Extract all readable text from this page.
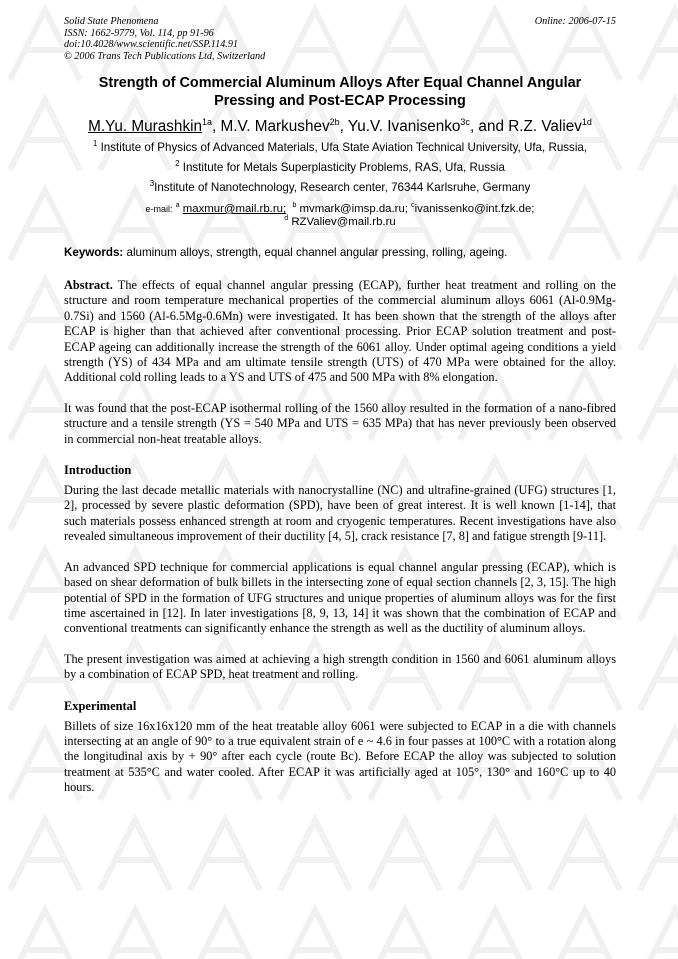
Solid State Phenomena
ISSN: 1662-9779, Vol. 114, pp 91-96
doi:10.4028/www.scientific.net/SSP.114.91
© 2006 Trans Tech Publications Ltd, Switzerland
Online: 2006-07-15
Strength of Commercial Aluminum Alloys After Equal Channel Angular
Pressing and Post-ECAP Processing
M.Yu. Murashkin$^{1a}$, M.V. Markushev$^{2b}$, Yu.V. Ivanisenko$^{3c}$, and R.Z. Valiev$^{1d}$
$^1$ Institute of Physics of Advanced Materials, Ufa State Aviation Technical University, Ufa, Russia,
$^2$ Institute for Metals Superplasticity Problems, RAS, Ufa, Russia
$^3$Institute of Nanotechnology, Research center, 76344 Karlsruhe, Germany
e-mail: $^a$ maxmur@mail.rb.ru; $^b$ mvmark@imsp.da.ru; $^c$ivanissenko@int.fzk.de;
$^d$ RZValiev@mail.rb.ru
Keywords: aluminum alloys, strength, equal channel angular pressing, rolling, ageing.

Abstract. The effects of equal channel angular pressing (ECAP), further heat treatment and rolling on the structure and room temperature mechanical properties of the commercial aluminum alloys 6061 (Al-0.9Mg-0.7Si) and 1560 (Al-6.5Mg-0.6Mn) were investigated. It has been shown that the strength of the alloys after ECAP is higher than that achieved after conventional processing. Prior ECAP solution treatment and post-ECAP ageing can additionally increase the strength of the 6061 alloy. Under optimal ageing conditions a yield strength (YS) of 434 MPa and am ultimate tensile strength (UTS) of 470 MPa were obtained for the alloy. Additional cold rolling leads to a YS and UTS of 475 and 500 MPa with 8% elongation.

It was found that the post-ECAP isothermal rolling of the 1560 alloy resulted in the formation of a nano-fibred structure and a tensile strength (YS = 540 MPa and UTS = 635 MPa) that has never previously been observed in commercial non-heat treatable alloys.

Introduction

During the last decade metallic materials with nanocrystalline (NC) and ultrafine-grained (UFG) structures [1, 2], processed by severe plastic deformation (SPD), have been of great interest. It is well known [1-14], that such materials possess enhanced strength at room and cryogenic temperatures. Recent investigations have also revealed simultaneous improvement of their ductility [4, 5], crack resistance [7, 8] and fatigue strength [9-11].

An advanced SPD technique for commercial applications is equal channel angular pressing (ECAP), which is based on shear deformation of bulk billets in the intersecting zone of equal section channels [2, 3, 15]. The high potential of SPD in the formation of UFG structures and unique properties of aluminum alloys was for the first time ascertained in [12]. In later investigations [8, 9, 13, 14] it was shown that the combination of ECAP and conventional treatments can significantly enhance the strength as well as the ductility of aluminum alloys.

The present investigation was aimed at achieving a high strength condition in 1560 and 6061 aluminum alloys by a combination of ECAP SPD, heat treatment and rolling.

Experimental

Billets of size 16x16x120 mm of the heat treatable alloy 6061 were subjected to ECAP in a die with channels intersecting at an angle of 90° to a true equivalent strain of e ~ 4.6 in four passes at 100°C with a rotation along the longitudinal axis by + 90° after each cycle (route Bc). Before ECAP the alloy was subjected to solution treatment at 535°C and water cooled. After ECAP it was artificially aged at 105°, 130° and 160°C up to 40 hours.
